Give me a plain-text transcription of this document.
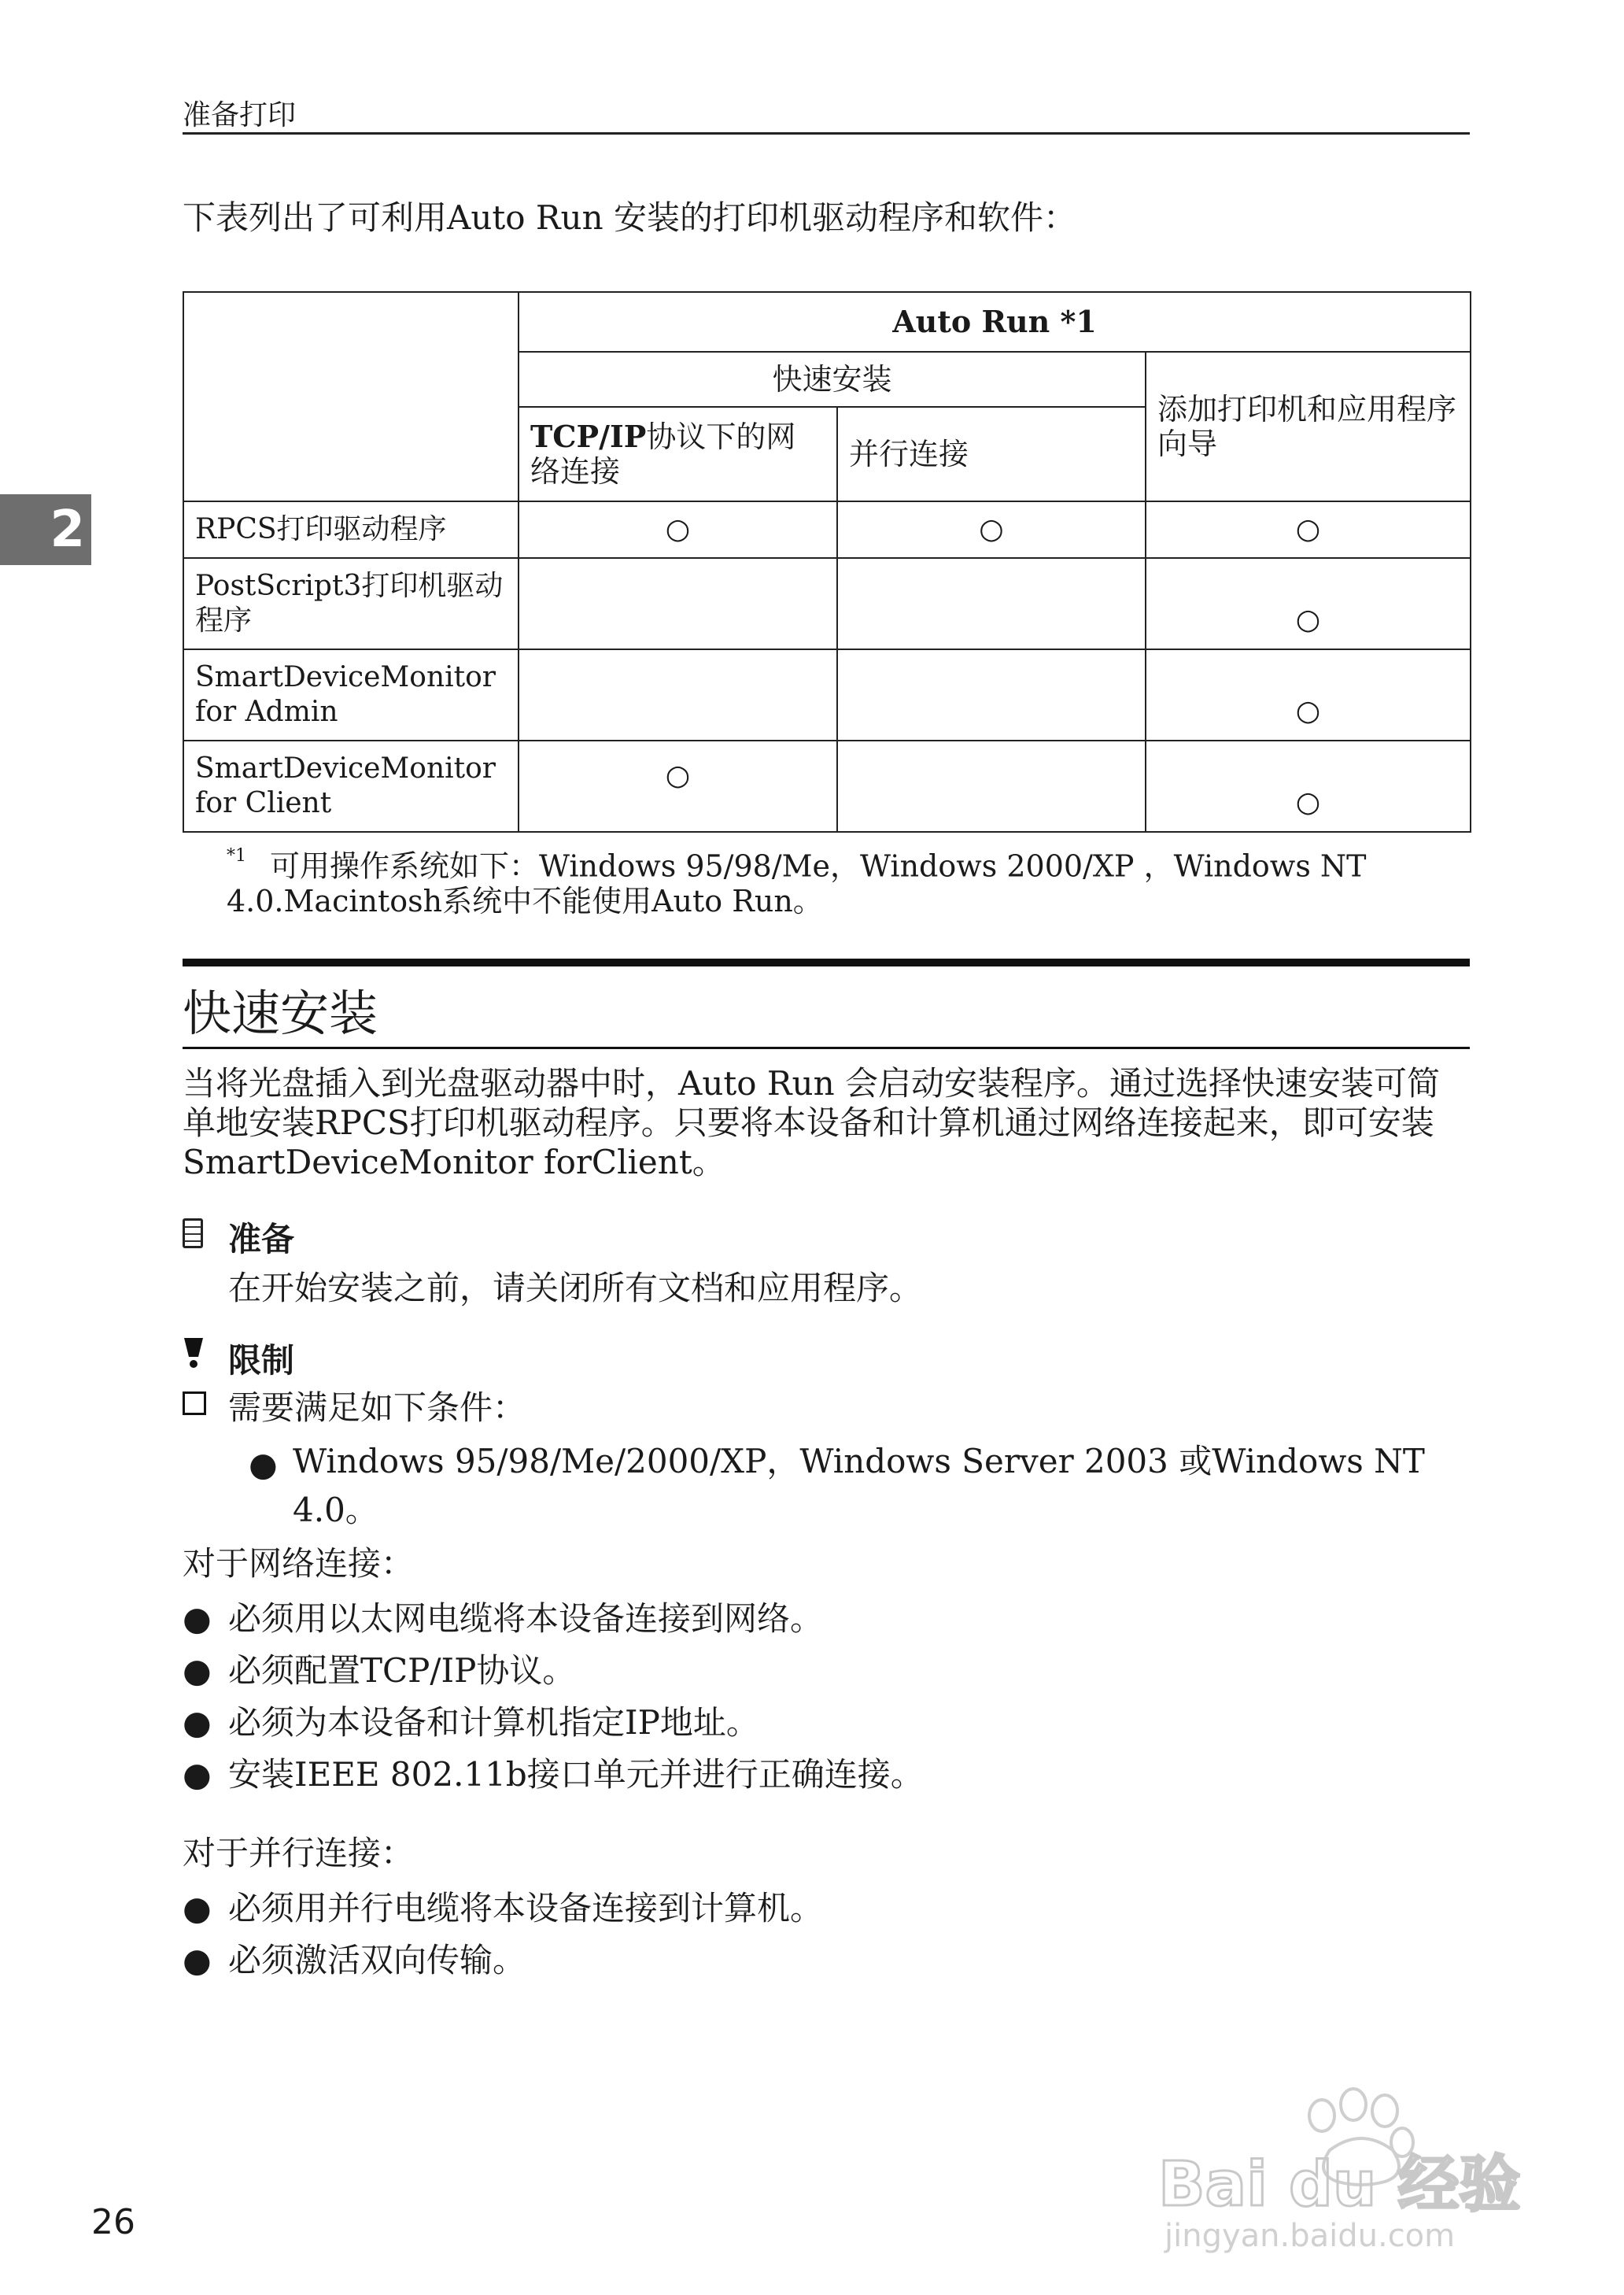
准备打印
2
下表列出了可利用Auto Run 安装的打印机驱动程序和软件：
	Auto Run *1		
	快速安装		添加打印机和应用程序向导
	TCP/IP协议下的网络连接	并行连接	
RPCS打印驱动程序	○	○	○
PostScript3打印机驱动程序			○
SmartDeviceMonitor for Admin			○
SmartDeviceMonitor for Client	○		○
$^{*1}$ 可用操作系统如下：Windows 95/98/Me，Windows 2000/XP ，Windows NT 4.0.Macintosh系统中不能使用Auto Run。
快速安装
当将光盘插入到光盘驱动器中时，Auto Run 会启动安装程序。通过选择快速安装可简单地安装RPCS打印机驱动程序。只要将本设备和计算机通过网络连接起来，即可安装SmartDeviceMonitor forClient。
准备
在开始安装之前，请关闭所有文档和应用程序。
限制
需要满足如下条件：
● Windows 95/98/Me/2000/XP，Windows Server 2003 或Windows NT 4.0。
对于网络连接：
● 必须用以太网电缆将本设备连接到网络。
● 必须配置TCP/IP协议。
● 必须为本设备和计算机指定IP地址。
● 安装IEEE 802.11b接口单元并进行正确连接。
对于并行连接：
● 必须用并行电缆将本设备连接到计算机。
● 必须激活双向传输。
Bai du 经验
jingyan.baidu.com
26
